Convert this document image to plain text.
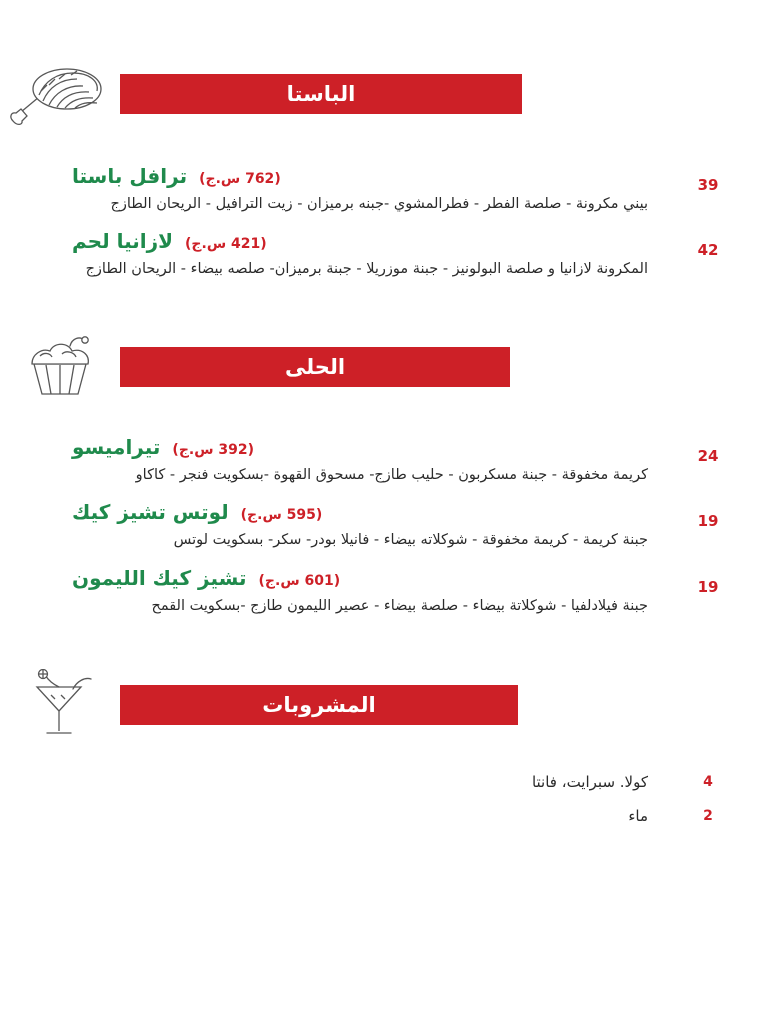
الباستا
39
ترافل باستا (762 س.ج)
بيني مكرونة - صلصة الفطر - فطرالمشوي -جبنه برميزان - زيت الترافيل - الريحان الطازج
42
لازانيا لحم (421 س.ج)
المكرونة لازانيا و صلصة البولونيز - جبنة موزريلا - جبنة برميزان- صلصه بيضاء - الريحان الطازج
الحلى
24
تيراميسو (392 س.ج)
كريمة مخفوقة - جبنة مسكربون - حليب طازج- مسحوق القهوة -بسكويت فنجر - كاكاو
19
لوتس تشيز كيك (595 س.ج)
جبنة كريمة - كريمة مخفوقة - شوكلاته بيضاء - فانيلا بودر- سكر- بسكويت لوتس
19
تشيز كيك الليمون (601 س.ج)
جبنة فيلادلفيا - شوكلاتة بيضاء - صلصة بيضاء - عصير الليمون طازج -بسكويت القمح
المشروبات
4
كولا. سبرايت، فانتا
2
ماء
